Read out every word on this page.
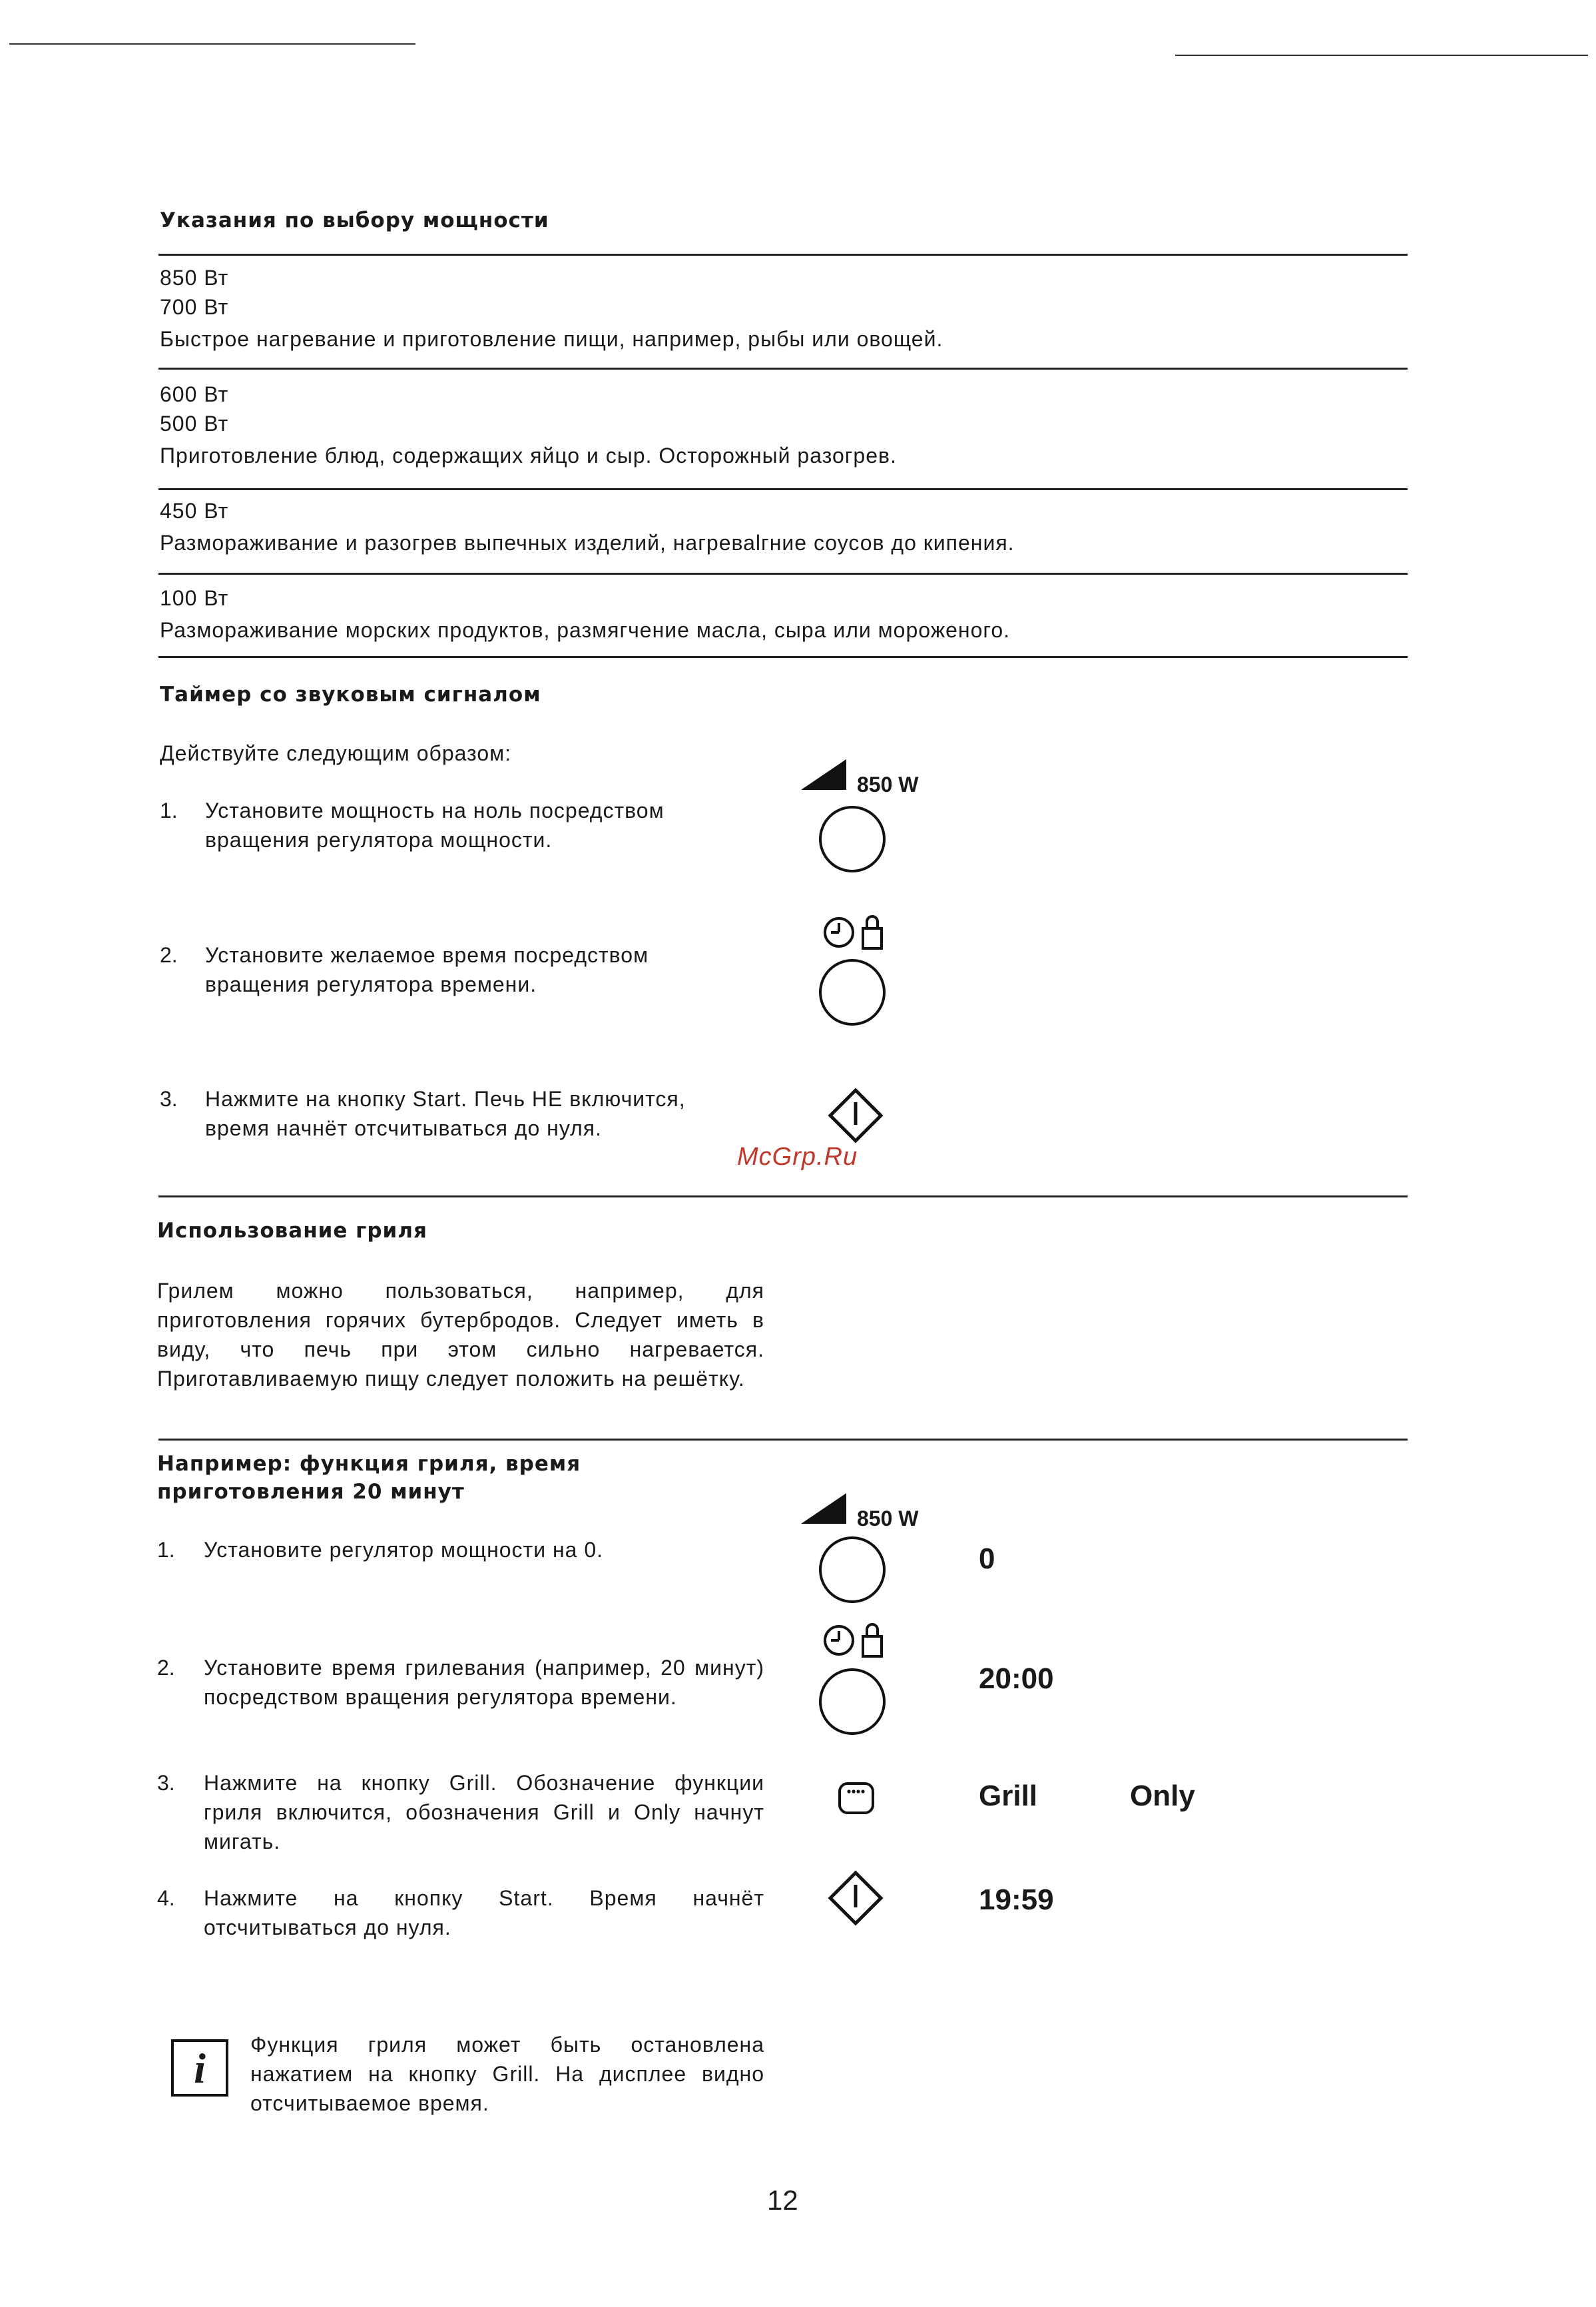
Указания по выбору мощности
850 Вт
700 Вт
Быстрое нагревание и приготовление пищи, например, рыбы или овощей.
600 Вт
500 Вт
Приготовление блюд, содержащих яйцо и сыр. Осторожный разогрев.
450 Вт
Размораживание и разогрев выпечных изделий, нагреваlгние соусов до кипения.
100 Вт
Размораживание морских продуктов, размягчение масла, сыра или мороженого.
Таймер со звуковым сигналом
Действуйте следующим образом:
850 W
1. Установите мощность на ноль посредством
вращения регулятора мощности.
2. Установите желаемое время посредством
вращения регулятора времени.
3. Нажмите на кнопку Start. Печь НЕ включится,
время начнёт отсчитываться до нуля.
McGrp.Ru
Использование гриля
Грилем можно пользоваться, например, для приготовления горячих бутербродов. Следует иметь в виду, что печь при этом сильно нагревается. Приготавливаемую пищу следует положить на решётку.
Например: функция гриля, время
приготовления 20 минут
850 W
0
1. Установите регулятор мощности на 0.
20:00
2. Установите время грилевания (например, 20 минут) посредством вращения регулятора времени.
Grill	Only
3. Нажмите на кнопку Grill. Обозначение функции гриля включится, обозначения Grill и Only начнут мигать.
19:59
4. Нажмите на кнопку Start. Время начнёт отсчитываться до нуля.
i	Функция гриля может быть остановлена нажатием на кнопку Grill. На дисплее видно отсчитываемое время.
12
